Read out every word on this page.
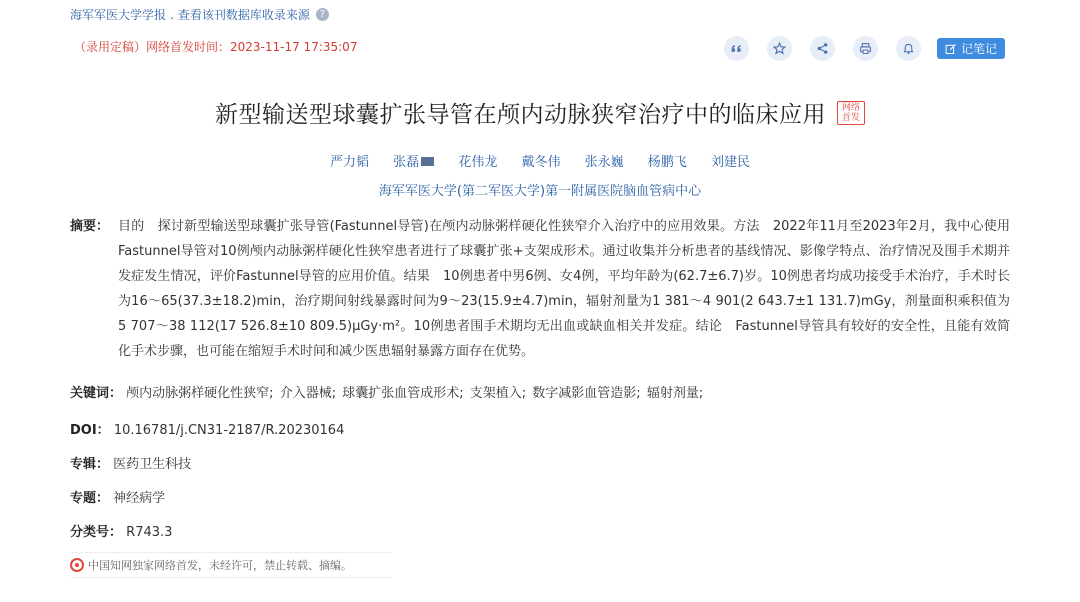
海军军医大学学报 . 查看该刊数据库收录来源 ?
（录用定稿）网络首发时间：2023-11-17 17:35:07	记笔记
新型输送型球囊扩张导管在颅内动脉狭窄治疗中的临床应用 网络首发
严力韬 张磊	花伟龙 戴冬伟 张永巍 杨鹏飞 刘建民
海军军医大学(第二军医大学)第一附属医院脑血管病中心
摘要： 目的　探讨新型输送型球囊扩张导管(Fastunnel导管)在颅内动脉粥样硬化性狭窄介入治疗中的应用效果。方法　2022年11月至2023年2月，我中心使用Fastunnel导管对10例颅内动脉粥样硬化性狭窄患者进行了球囊扩张+支架成形术。通过收集并分析患者的基线情况、影像学特点、治疗情况及围手术期并发症发生情况，评价Fastunnel导管的应用价值。结果　10例患者中男6例、女4例，平均年龄为(62.7±6.7)岁。10例患者均成功接受手术治疗，手术时长为16～65(37.3±18.2)min，治疗期间射线暴露时间为9～23(15.9±4.7)min，辐射剂量为1 381～4 901(2 643.7±1 131.7)mGy，剂量面积乘积值为5 707～38 112(17 526.8±10 809.5)μGy·m²。10例患者围手术期均无出血或缺血相关并发症。结论　Fastunnel导管具有较好的安全性，且能有效简化手术步骤，也可能在缩短手术时间和减少医患辐射暴露方面存在优势。
关键词： 颅内动脉粥样硬化性狭窄; 介入器械; 球囊扩张血管成形术; 支架植入; 数字减影血管造影; 辐射剂量;
DOI： 10.16781/j.CN31-2187/R.20230164
专辑： 医药卫生科技
专题： 神经病学
分类号： R743.3
中国知网独家网络首发，未经许可，禁止转载、摘编。
